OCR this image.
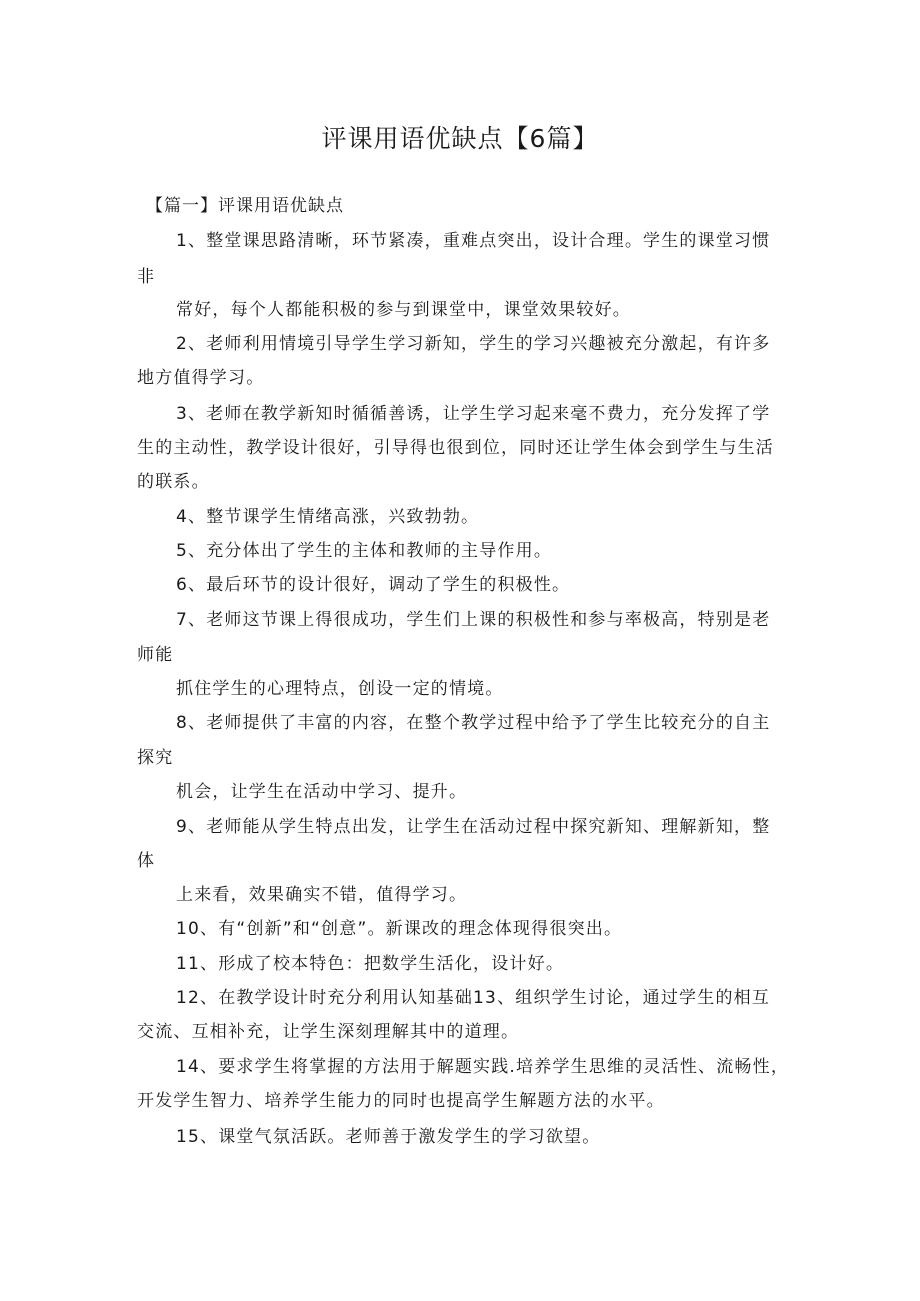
评课用语优缺点【6篇】
【篇一】评课用语优缺点
1、整堂课思路清晰，环节紧凑，重难点突出，设计合理。学生的课堂习惯
非
常好，每个人都能积极的参与到课堂中，课堂效果较好。
2、老师利用情境引导学生学习新知，学生的学习兴趣被充分激起，有许多
地方值得学习。
3、老师在教学新知时循循善诱，让学生学习起来毫不费力，充分发挥了学
生的主动性，教学设计很好，引导得也很到位，同时还让学生体会到学生与生活
的联系。
4、整节课学生情绪高涨，兴致勃勃。
5、充分体出了学生的主体和教师的主导作用。
6、最后环节的设计很好，调动了学生的积极性。
7、老师这节课上得很成功，学生们上课的积极性和参与率极高，特别是老
师能
抓住学生的心理特点，创设一定的情境。
8、老师提供了丰富的内容，在整个教学过程中给予了学生比较充分的自主
探究
机会，让学生在活动中学习、提升。
9、老师能从学生特点出发，让学生在活动过程中探究新知、理解新知，整
体
上来看，效果确实不错，值得学习。
10、有“创新”和“创意”。新课改的理念体现得很突出。
11、形成了校本特色：把数学生活化，设计好。
12、在教学设计时充分利用认知基础13、组织学生讨论，通过学生的相互
交流、互相补充，让学生深刻理解其中的道理。
14、要求学生将掌握的方法用于解题实践.培养学生思维的灵活性、流畅性，
开发学生智力、培养学生能力的同时也提高学生解题方法的水平。
15、课堂气氛活跃。老师善于激发学生的学习欲望。
